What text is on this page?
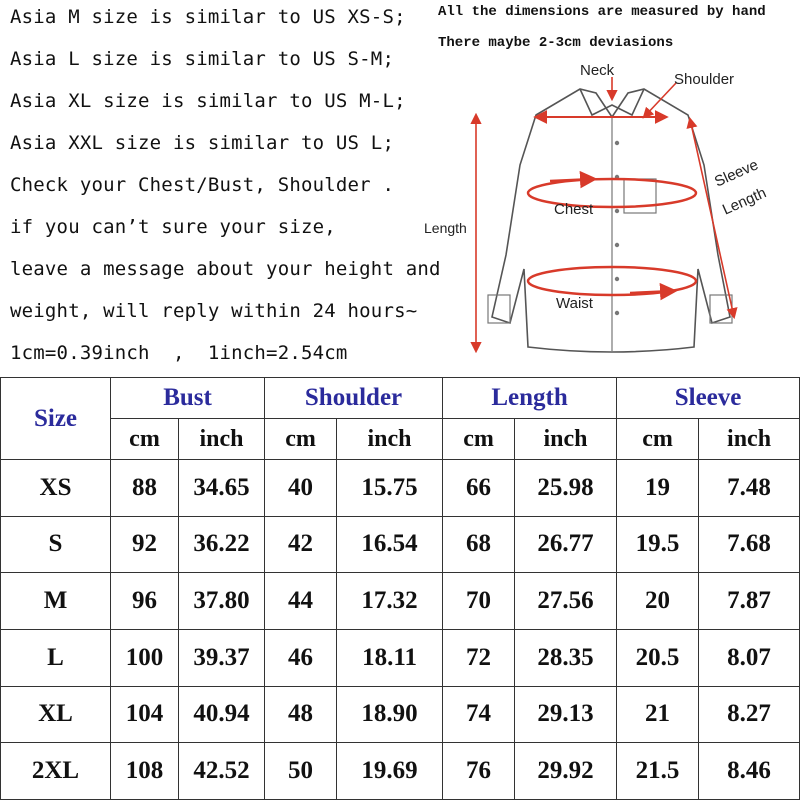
Asia M size is similar to US XS-S;
Asia L size is similar to US S-M;
Asia XL size is similar to US M-L;
Asia XXL size is similar to US L;
Check your Chest/Bust, Shoulder .
if you can’t sure your size,
leave a message about your height and
weight, will reply within 24 hours~
1cm=0.39inch  ,  1inch=2.54cm
All the dimensions are measured by hand
There maybe 2-3cm deviasions
Neck
Shoulder
Chest
Waist
Length
Sleeve
Length
Size	Bust		Shoulder		Length		Sleeve	
	cm	inch	cm	inch	cm	inch	cm	inch
XS	88	34.65	40	15.75	66	25.98	19	7.48
S	92	36.22	42	16.54	68	26.77	19.5	7.68
M	96	37.80	44	17.32	70	27.56	20	7.87
L	100	39.37	46	18.11	72	28.35	20.5	8.07
XL	104	40.94	48	18.90	74	29.13	21	8.27
2XL	108	42.52	50	19.69	76	29.92	21.5	8.46
